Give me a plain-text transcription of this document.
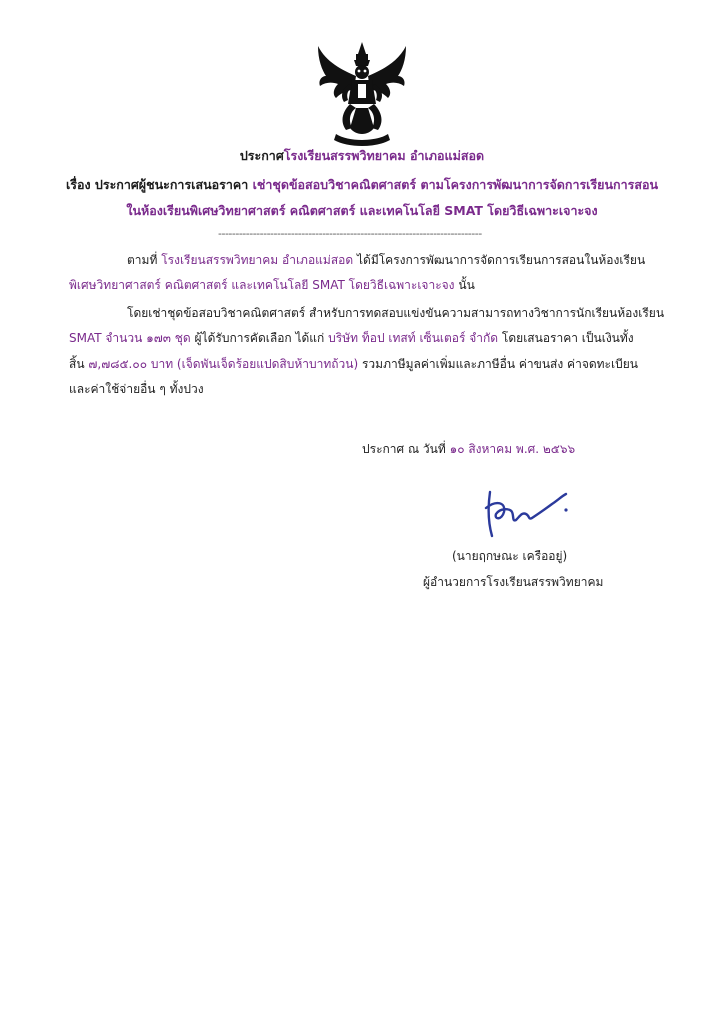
ประกาศโรงเรียนสรรพวิทยาคม อำเภอแม่สอด
เรื่อง ประกาศผู้ชนะการเสนอราคา เช่าชุดข้อสอบวิชาคณิตศาสตร์ ตามโครงการพัฒนาการจัดการเรียนการสอน
ในห้องเรียนพิเศษวิทยาศาสตร์ คณิตศาสตร์ และเทคโนโลยี SMAT โดยวิธีเฉพาะเจาะจง
----------------------------------------------------------------------------
ตามที่ โรงเรียนสรรพวิทยาคม อำเภอแม่สอด ได้มีโครงการพัฒนาการจัดการเรียนการสอนในห้องเรียน
พิเศษวิทยาศาสตร์ คณิตศาสตร์ และเทคโนโลยี SMAT โดยวิธีเฉพาะเจาะจง นั้น
โดยเช่าชุดข้อสอบวิชาคณิตศาสตร์ สำหรับการทดสอบแข่งขันความสามารถทางวิชาการนักเรียนห้องเรียน
SMAT จำนวน ๑๗๓ ชุด ผู้ได้รับการคัดเลือก ได้แก่ บริษัท ท็อป เทสท์ เซ็นเตอร์ จำกัด โดยเสนอราคา เป็นเงินทั้ง
สิ้น ๗,๗๘๕.๐๐ บาท (เจ็ดพันเจ็ดร้อยแปดสิบห้าบาทถ้วน) รวมภาษีมูลค่าเพิ่มและภาษีอื่น ค่าขนส่ง ค่าจดทะเบียน
และค่าใช้จ่ายอื่น ๆ ทั้งปวง
ประกาศ ณ วันที่ ๑๐ สิงหาคม พ.ศ. ๒๕๖๖
(นายฤกษณะ เครืออยู่)
ผู้อำนวยการโรงเรียนสรรพวิทยาคม
